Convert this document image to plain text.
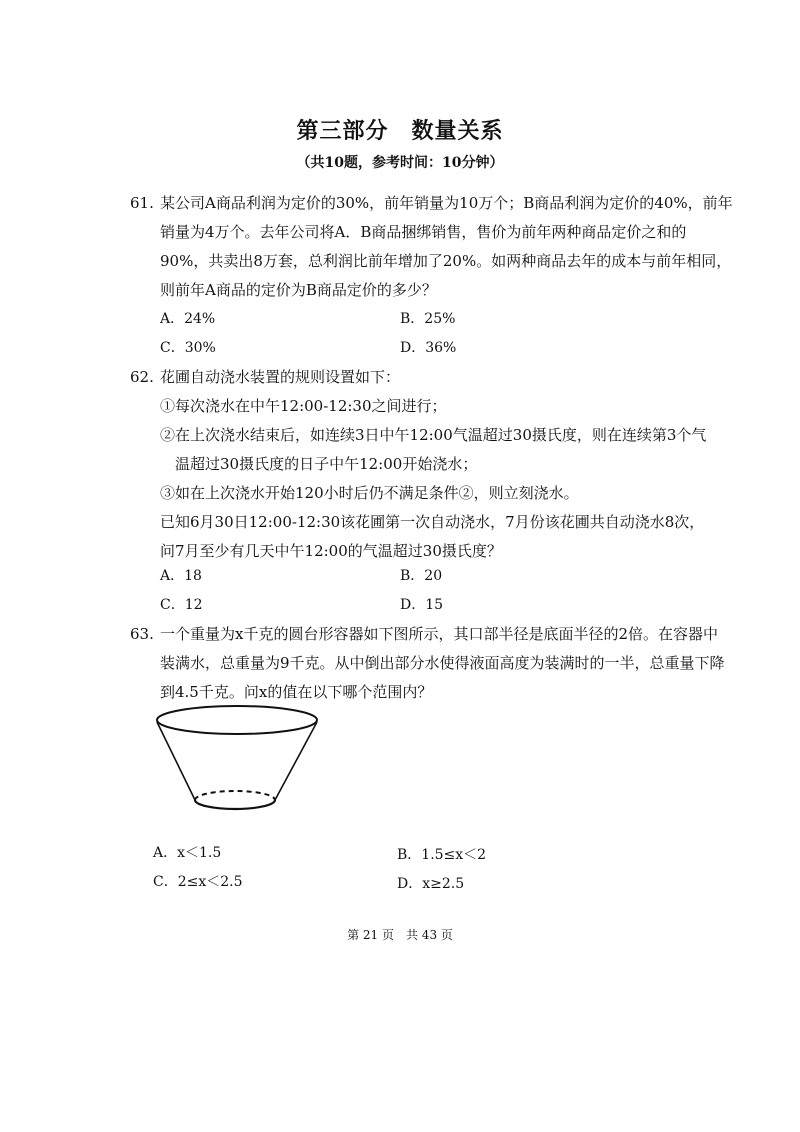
第三部分　数量关系
（共10题，参考时间：10分钟）
61. 某公司A商品利润为定价的30%，前年销量为10万个；B商品利润为定价的40%，前年
销量为4万个。去年公司将A．B商品捆绑销售，售价为前年两种商品定价之和的
90%，共卖出8万套，总利润比前年增加了20%。如两种商品去年的成本与前年相同，
则前年A商品的定价为B商品定价的多少？
A．24%	B．25%
C．30%	D．36%
62. 花圃自动浇水装置的规则设置如下：
①每次浇水在中午12:00-12:30之间进行；
②在上次浇水结束后，如连续3日中午12:00气温超过30摄氏度，则在连续第3个气
温超过30摄氏度的日子中午12:00开始浇水；
③如在上次浇水开始120小时后仍不满足条件②，则立刻浇水。
已知6月30日12:00-12:30该花圃第一次自动浇水，7月份该花圃共自动浇水8次，
问7月至少有几天中午12:00的气温超过30摄氏度？
A．18	B．20
C．12	D．15
63. 一个重量为x千克的圆台形容器如下图所示，其口部半径是底面半径的2倍。在容器中
装满水，总重量为9千克。从中倒出部分水使得液面高度为装满时的一半，总重量下降
到4.5千克。问x的值在以下哪个范围内？
A．x＜1.5	B．1.5≤x＜2
C．2≤x＜2.5	D．x≥2.5
第 21 页　共 43 页
